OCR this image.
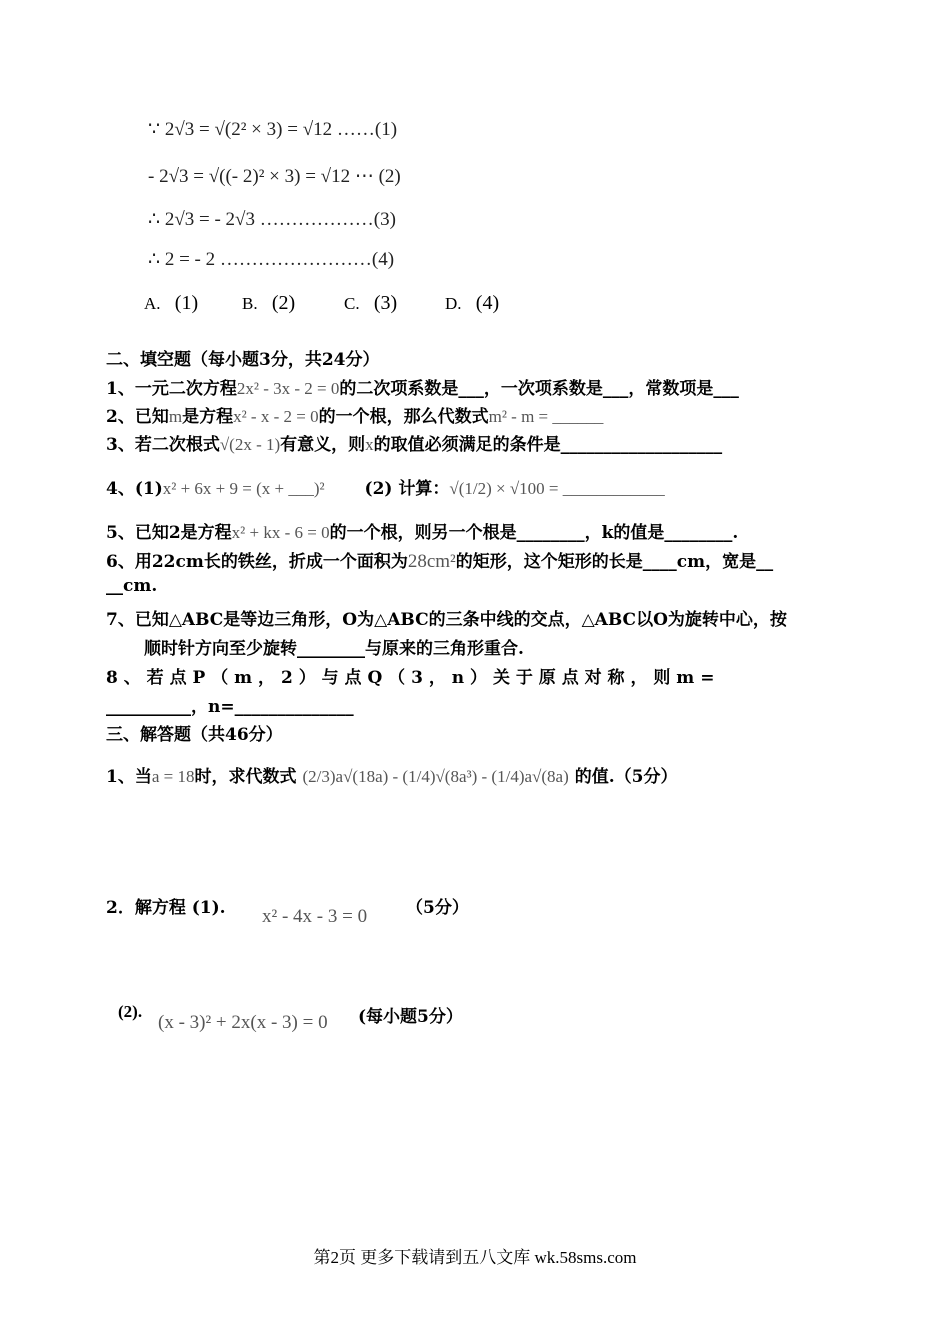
∵ 2√3 = √(2² × 3) = √12 ……(1)
- 2√3 = √((- 2)² × 3) = √12 ⋯ (2)
∴ 2√3 = - 2√3 ………………(3)
∴ 2 = - 2 ……………………(4)
A. (1)	B. (2)	C. (3)	D. (4)
二、填空题（每小题3分，共24分）
1、一元二次方程2x² - 3x - 2 = 0的二次项系数是___，一次项系数是___，常数项是___
2、已知m是方程x² - x - 2 = 0的一个根，那么代数式m² - m = ______
3、若二次根式√(2x - 1)有意义，则x的取值必须满足的条件是___________________
4、(1)x² + 6x + 9 = (x + ___)² (2) 计算：√(1/2) × √100 = ____________
5、已知2是方程x² + kx - 6 = 0的一个根，则另一个根是________，k的值是________.
6、用22cm长的铁丝，折成一个面积为28cm²的矩形，这个矩形的长是____cm，宽是__
__cm.
7、已知△ABC是等边三角形，O为△ABC的三条中线的交点，△ABC以O为旋转中心，按
顺时针方向至少旋转________与原来的三角形重合.
8 、 若 点 P （ m ， 2 ） 与 点 Q （ 3 ， n ） 关 于 原 点 对 称 ， 则 m =
__________，n=______________
三、解答题（共46分）
1、当a = 18时，求代数式 (2/3)a√(18a) - (1/4)√(8a³) - (1/4)a√(8a) 的值.（5分）
2．解方程 (1). x² - 4x - 3 = 0 （5分）
(2).
(x - 3)² + 2x(x - 3) = 0 (每小题5分）
第2页 更多下载请到五八文库 wk.58sms.com
